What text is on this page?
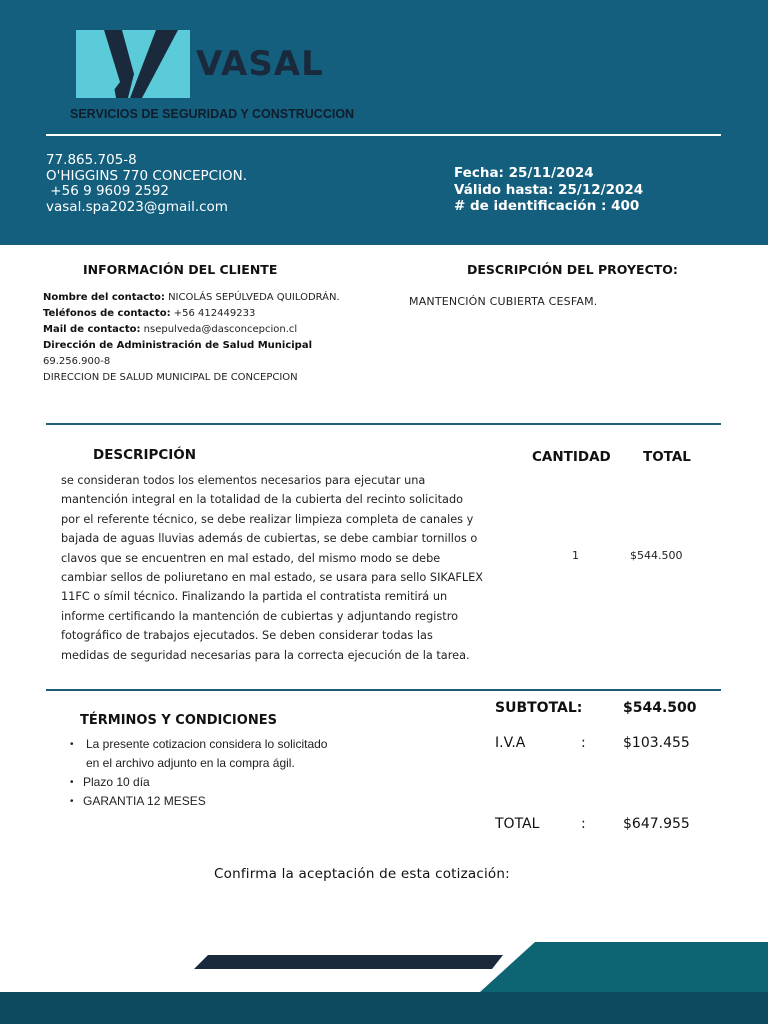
VASAL
SERVICIOS DE SEGURIDAD Y CONSTRUCCION
77.865.705-8
O'HIGGINS 770 CONCEPCION.
+56 9 9609 2592
vasal.spa2023@gmail.com
Fecha: 25/11/2024
Válido hasta: 25/12/2024
# de identificación : 400
INFORMACIÓN DEL CLIENTE	DESCRIPCIÓN DEL PROYECTO:
Nombre del contacto: NICOLÁS SEPÚLVEDA QUILODRÁN.
Teléfonos de contacto: +56 412449233
Mail de contacto: nsepulveda@dasconcepcion.cl
Dirección de Administración de Salud Municipal
69.256.900-8
DIRECCION DE SALUD MUNICIPAL DE CONCEPCION
MANTENCIÓN CUBIERTA CESFAM.
DESCRIPCIÓN	CANTIDAD TOTAL
se consideran todos los elementos necesarios para ejecutar una
mantención integral en la totalidad de la cubierta del recinto solicitado
por el referente técnico, se debe realizar limpieza completa de canales y
bajada de aguas lluvias además de cubiertas, se debe cambiar tornillos o
clavos que se encuentren en mal estado, del mismo modo se debe
cambiar sellos de poliuretano en mal estado, se usara para sello SIKAFLEX
11FC o símil técnico. Finalizando la partida el contratista remitirá un
informe certificando la mantención de cubiertas y adjuntando registro
fotográfico de trabajos ejecutados. Se deben considerar todas las
medidas de seguridad necesarias para la correcta ejecución de la tarea.
1	$544.500
TÉRMINOS Y CONDICIONES
• La presente cotizacion considera lo solicitado
en el archivo adjunto en la compra ágil.
• Plazo 10 día
• GARANTIA 12 MESES
SUBTOTAL:	$544.500
I.V.A	:	$103.455
TOTAL	:	$647.955
Confirma la aceptación de esta cotización:
